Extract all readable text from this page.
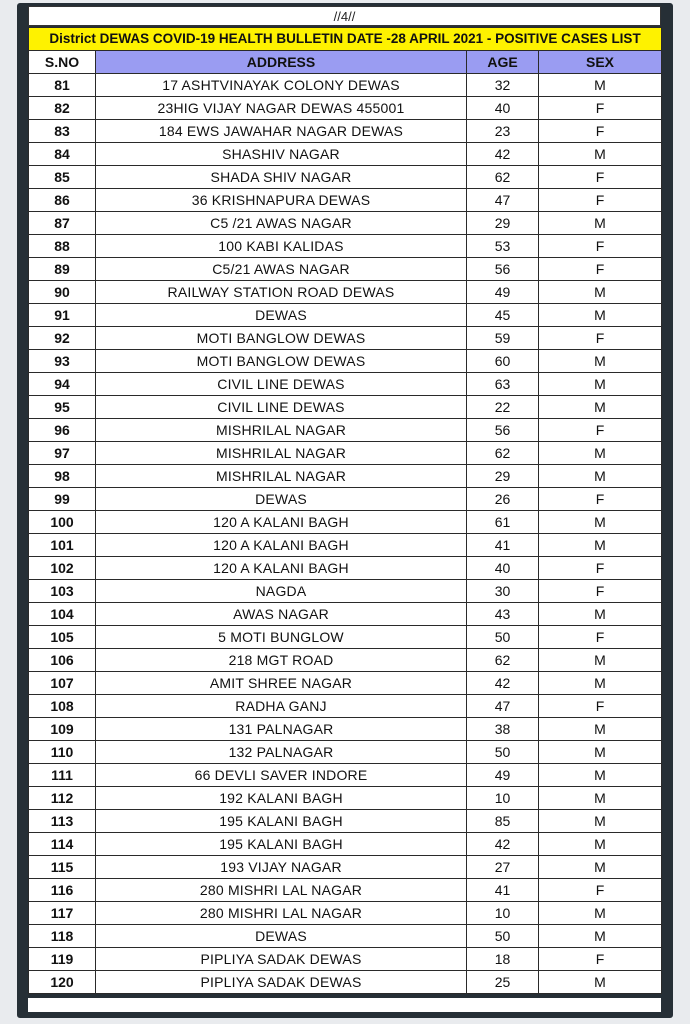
//4//
District DEWAS COVID-19 HEALTH BULLETIN DATE -28 APRIL 2021 - POSITIVE CASES LIST			
S.NO	ADDRESS	AGE	SEX
81	17 ASHTVINAYAK COLONY DEWAS	32	M
82	23HIG VIJAY NAGAR DEWAS 455001	40	F
83	184 EWS JAWAHAR NAGAR DEWAS	23	F
84	SHASHIV NAGAR	42	M
85	SHADA SHIV NAGAR	62	F
86	36 KRISHNAPURA DEWAS	47	F
87	C5 /21 AWAS NAGAR	29	M
88	100 KABI KALIDAS	53	F
89	C5/21 AWAS NAGAR	56	F
90	RAILWAY STATION ROAD DEWAS	49	M
91	DEWAS	45	M
92	MOTI BANGLOW DEWAS	59	F
93	MOTI BANGLOW DEWAS	60	M
94	CIVIL LINE DEWAS	63	M
95	CIVIL LINE DEWAS	22	M
96	MISHRILAL NAGAR	56	F
97	MISHRILAL NAGAR	62	M
98	MISHRILAL NAGAR	29	M
99	DEWAS	26	F
100	120 A KALANI BAGH	61	M
101	120 A KALANI BAGH	41	M
102	120 A KALANI BAGH	40	F
103	NAGDA	30	F
104	AWAS NAGAR	43	M
105	5 MOTI BUNGLOW	50	F
106	218 MGT ROAD	62	M
107	AMIT SHREE NAGAR	42	M
108	RADHA GANJ	47	F
109	131 PALNAGAR	38	M
110	132 PALNAGAR	50	M
111	66 DEVLI SAVER INDORE	49	M
112	192 KALANI BAGH	10	M
113	195 KALANI BAGH	85	M
114	195 KALANI BAGH	42	M
115	193 VIJAY NAGAR	27	M
116	280 MISHRI LAL NAGAR	41	F
117	280 MISHRI LAL NAGAR	10	M
118	DEWAS	50	M
119	PIPLIYA SADAK DEWAS	18	F
120	PIPLIYA SADAK DEWAS	25	M
